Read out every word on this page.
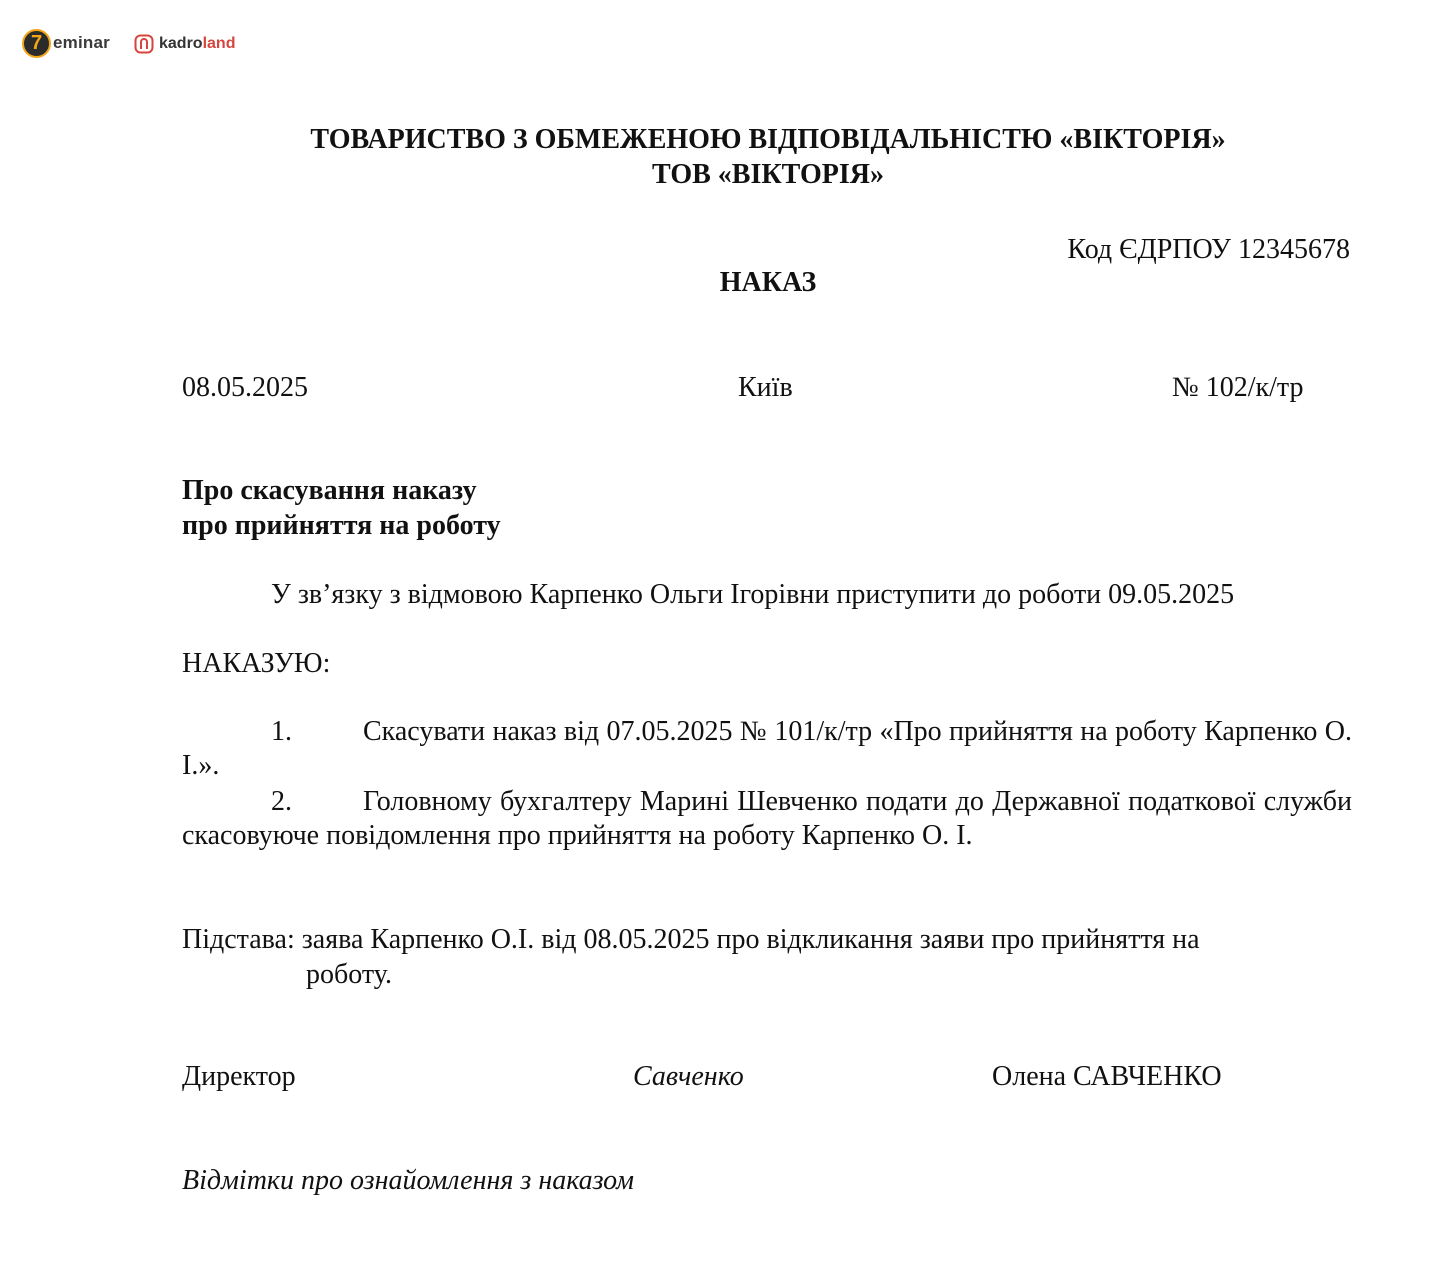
7 eminar	kadroland
ТОВАРИСТВО З ОБМЕЖЕНОЮ ВІДПОВІДАЛЬНІСТЮ «ВІКТОРІЯ»
ТОВ «ВІКТОРІЯ»
Код ЄДРПОУ 12345678
НАКАЗ
08.05.2025	Київ	№ 102/к/тр
Про скасування наказу
про прийняття на роботу
У зв’язку з відмовою Карпенко Ольги Ігорівни приступити до роботи 09.05.2025
НАКАЗУЮ:
1.	Скасувати наказ від 07.05.2025 № 101/к/тр «Про прийняття на роботу Карпенко О. І.».
2.	Головному бухгалтеру Марині Шевченко подати до Державної податкової служби скасовуюче повідомлення про прийняття на роботу Карпенко О. І.
Підстава: заява Карпенко О.І. від 08.05.2025 про відкликання заяви про прийняття на
роботу.
Директор	Савченко	Олена САВЧЕНКО
Відмітки про ознайомлення з наказом
